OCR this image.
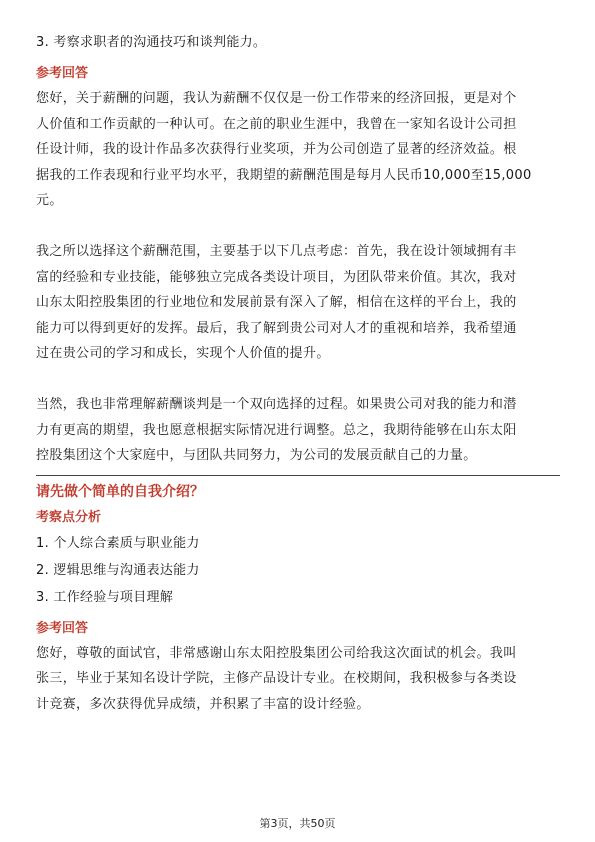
3. 考察求职者的沟通技巧和谈判能力。
参考回答
您好，关于薪酬的问题，我认为薪酬不仅仅是一份工作带来的经济回报，更是对个
人价值和工作贡献的一种认可。在之前的职业生涯中，我曾在一家知名设计公司担
任设计师，我的设计作品多次获得行业奖项，并为公司创造了显著的经济效益。根
据我的工作表现和行业平均水平，我期望的薪酬范围是每月人民币10,000至15,000
元。
我之所以选择这个薪酬范围，主要基于以下几点考虑：首先，我在设计领域拥有丰
富的经验和专业技能，能够独立完成各类设计项目，为团队带来价值。其次，我对
山东太阳控股集团的行业地位和发展前景有深入了解，相信在这样的平台上，我的
能力可以得到更好的发挥。最后，我了解到贵公司对人才的重视和培养，我希望通
过在贵公司的学习和成长，实现个人价值的提升。
当然，我也非常理解薪酬谈判是一个双向选择的过程。如果贵公司对我的能力和潜
力有更高的期望，我也愿意根据实际情况进行调整。总之，我期待能够在山东太阳
控股集团这个大家庭中，与团队共同努力，为公司的发展贡献自己的力量。
请先做个简单的自我介绍？
考察点分析
1. 个人综合素质与职业能力
2. 逻辑思维与沟通表达能力
3. 工作经验与项目理解
参考回答
您好，尊敬的面试官，非常感谢山东太阳控股集团公司给我这次面试的机会。我叫
张三，毕业于某知名设计学院，主修产品设计专业。在校期间，我积极参与各类设
计竞赛，多次获得优异成绩，并积累了丰富的设计经验。
第3页，共50页
